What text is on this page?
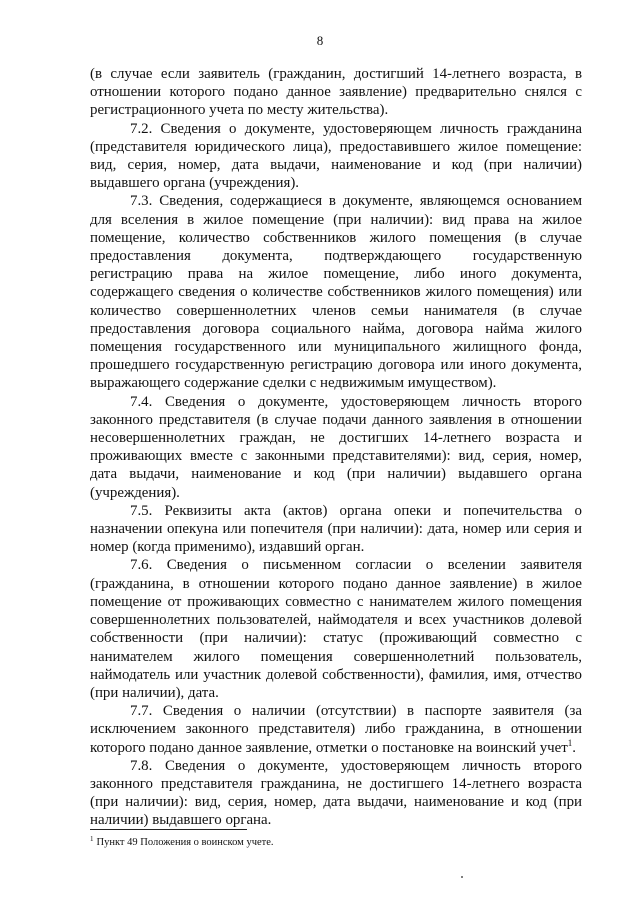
8

(в случае если заявитель (гражданин, достигший 14-летнего возраста, в отношении которого подано данное заявление) предварительно снялся с регистрационного учета по месту жительства).

7.2. Сведения о документе, удостоверяющем личность гражданина (представителя юридического лица), предоставившего жилое помещение: вид, серия, номер, дата выдачи, наименование и код (при наличии) выдавшего органа (учреждения).

7.3. Сведения, содержащиеся в документе, являющемся основанием для вселения в жилое помещение (при наличии): вид права на жилое помещение, количество собственников жилого помещения (в случае предоставления документа, подтверждающего государственную регистрацию права на жилое помещение, либо иного документа, содержащего сведения о количестве собственников жилого помещения) или количество совершеннолетних членов семьи нанимателя (в случае предоставления договора социального найма, договора найма жилого помещения государственного или муниципального жилищного фонда, прошедшего государственную регистрацию договора или иного документа, выражающего содержание сделки с недвижимым имуществом).

7.4. Сведения о документе, удостоверяющем личность второго законного представителя (в случае подачи данного заявления в отношении несовершеннолетних граждан, не достигших 14-летнего возраста и проживающих вместе с законными представителями): вид, серия, номер, дата выдачи, наименование и код (при наличии) выдавшего органа (учреждения).

7.5. Реквизиты акта (актов) органа опеки и попечительства о назначении опекуна или попечителя (при наличии): дата, номер или серия и номер (когда применимо), издавший орган.

7.6. Сведения о письменном согласии о вселении заявителя (гражданина, в отношении которого подано данное заявление) в жилое помещение от проживающих совместно с нанимателем жилого помещения совершеннолетних пользователей, наймодателя и всех участников долевой собственности (при наличии): статус (проживающий совместно с нанимателем жилого помещения совершеннолетний пользователь, наймодатель или участник долевой собственности), фамилия, имя, отчество (при наличии), дата.

7.7. Сведения о наличии (отсутствии) в паспорте заявителя (за исключением законного представителя) либо гражданина, в отношении которого подано данное заявление, отметки о постановке на воинский учет$^1$.

7.8. Сведения о документе, удостоверяющем личность второго законного представителя гражданина, не достигшего 14-летнего возраста (при наличии): вид, серия, номер, дата выдачи, наименование и код (при наличии) выдавшего органа.

$^1$ Пункт 49 Положения о воинском учете.
